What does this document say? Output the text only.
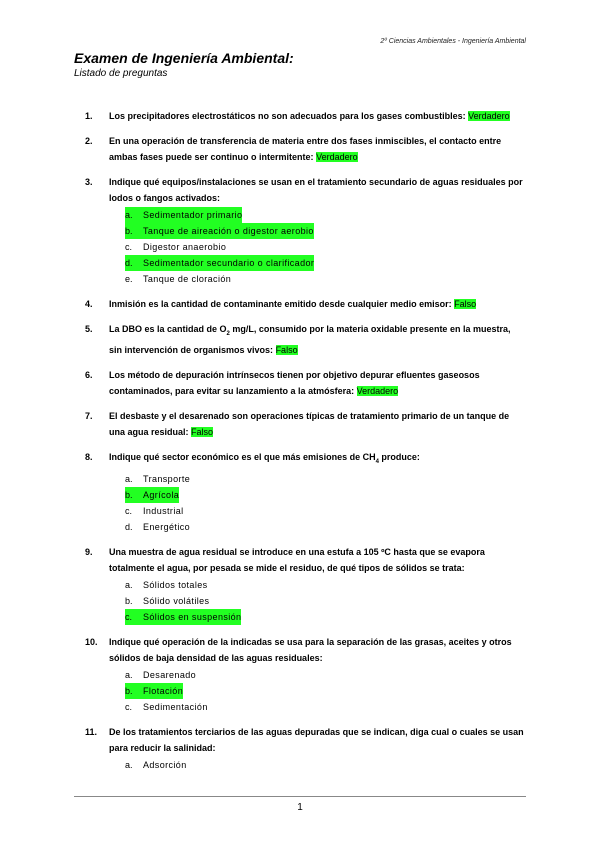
2º Ciencias Ambientales - Ingeniería Ambiental
Examen de Ingeniería Ambiental:
Listado de preguntas
1.	Los precipitadores electrostáticos no son adecuados para los gases combustibles: Verdadero
2.	En una operación de transferencia de materia entre dos fases inmiscibles, el contacto entre ambas fases puede ser continuo o intermitente: Verdadero
3.	Indique qué equipos/instalaciones se usan en el tratamiento secundario de aguas residuales por lodos o fangos activados:
a.	Sedimentador primario
b.	Tanque de aireación o digestor aerobio
c.	Digestor anaerobio
d.	Sedimentador secundario o clarificador
e.	Tanque de cloración
4.	Inmisión es la cantidad de contaminante emitido desde cualquier medio emisor: Falso
5.	La DBO es la cantidad de $O_2$ mg/L, consumido por la materia oxidable presente en la muestra, sin intervención de organismos vivos: Falso
6.	Los método de depuración intrínsecos tienen por objetivo depurar efluentes gaseosos contaminados, para evitar su lanzamiento a la atmósfera: Verdadero
7.	El desbaste y el desarenado son operaciones típicas de tratamiento primario de un tanque de una agua residual: Falso
8.	Indique qué sector económico es el que más emisiones de $CH_4$ produce:
a.	Transporte
b.	Agrícola
c.	Industrial
d.	Energético
9.	Una muestra de agua residual se introduce en una estufa a 105 ºC hasta que se evapora totalmente el agua, por pesada se mide el residuo, de qué tipos de sólidos se trata:
a.	Sólidos totales
b.	Sólido volátiles
c.	Sólidos en suspensión
10.	Indique qué operación de la indicadas se usa para la separación de las grasas, aceites y otros sólidos de baja densidad de las aguas residuales:
a.	Desarenado
b.	Flotación
c.	Sedimentación
11.	De los tratamientos terciarios de las aguas depuradas que se indican, diga cual o cuales se usan para reducir la salinidad:
a.	Adsorción
1
